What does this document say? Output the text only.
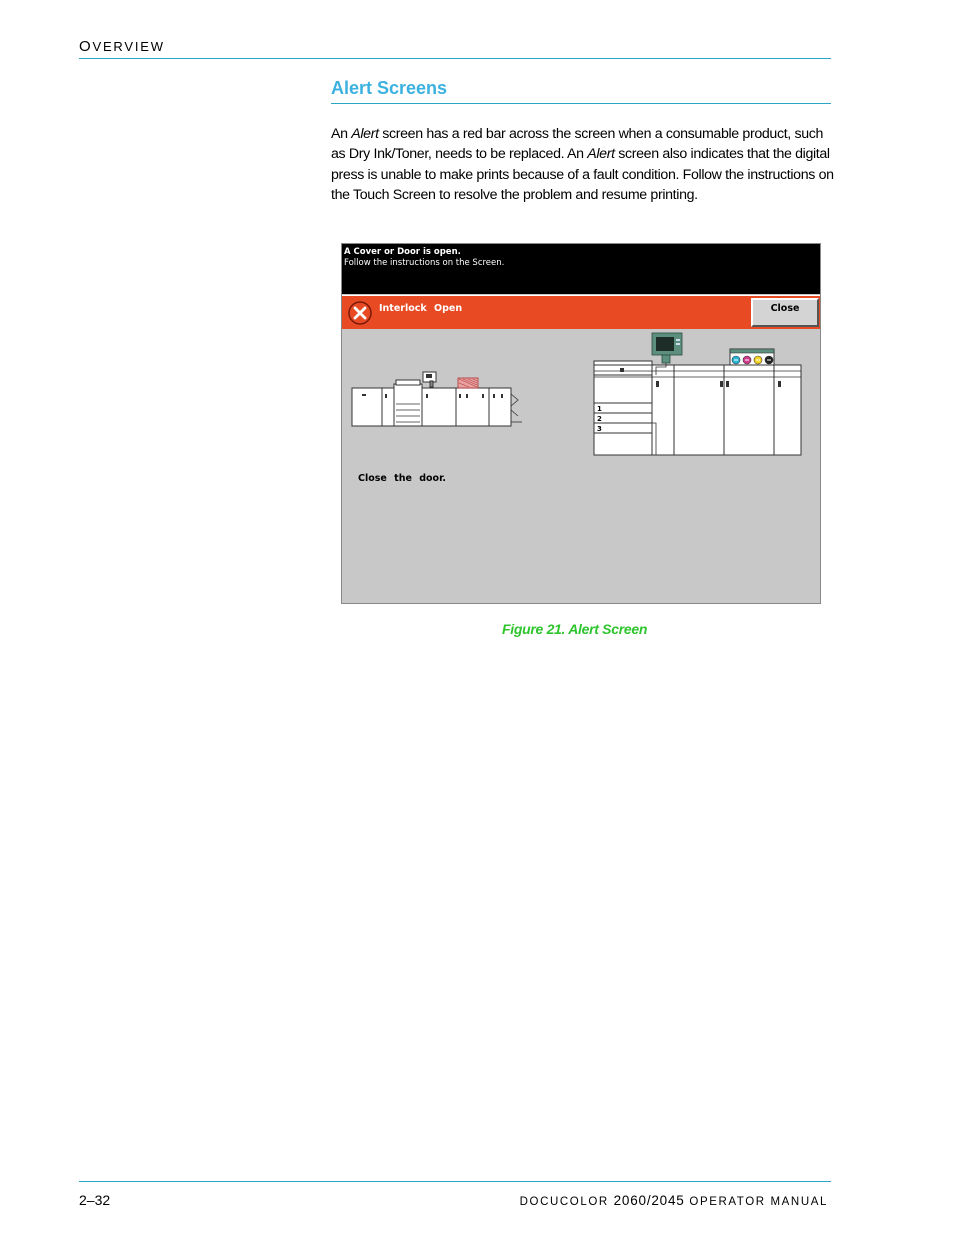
OVERVIEW
Alert Screens

An Alert screen has a red bar across the screen when a consumable product, such as Dry Ink/Toner, needs to be replaced. An Alert screen also indicates that the digital press is unable to make prints because of a fault condition. Follow the instructions on the Touch Screen to resolve the problem and resume printing.

A Cover or Door is open.
Follow the instructions on the Screen.
Interlock Open	Close
1
2
3
Close the door.
Figure 21. Alert Screen
2–32	DOCUCOLOR 2060/2045 OPERATOR MANUAL
